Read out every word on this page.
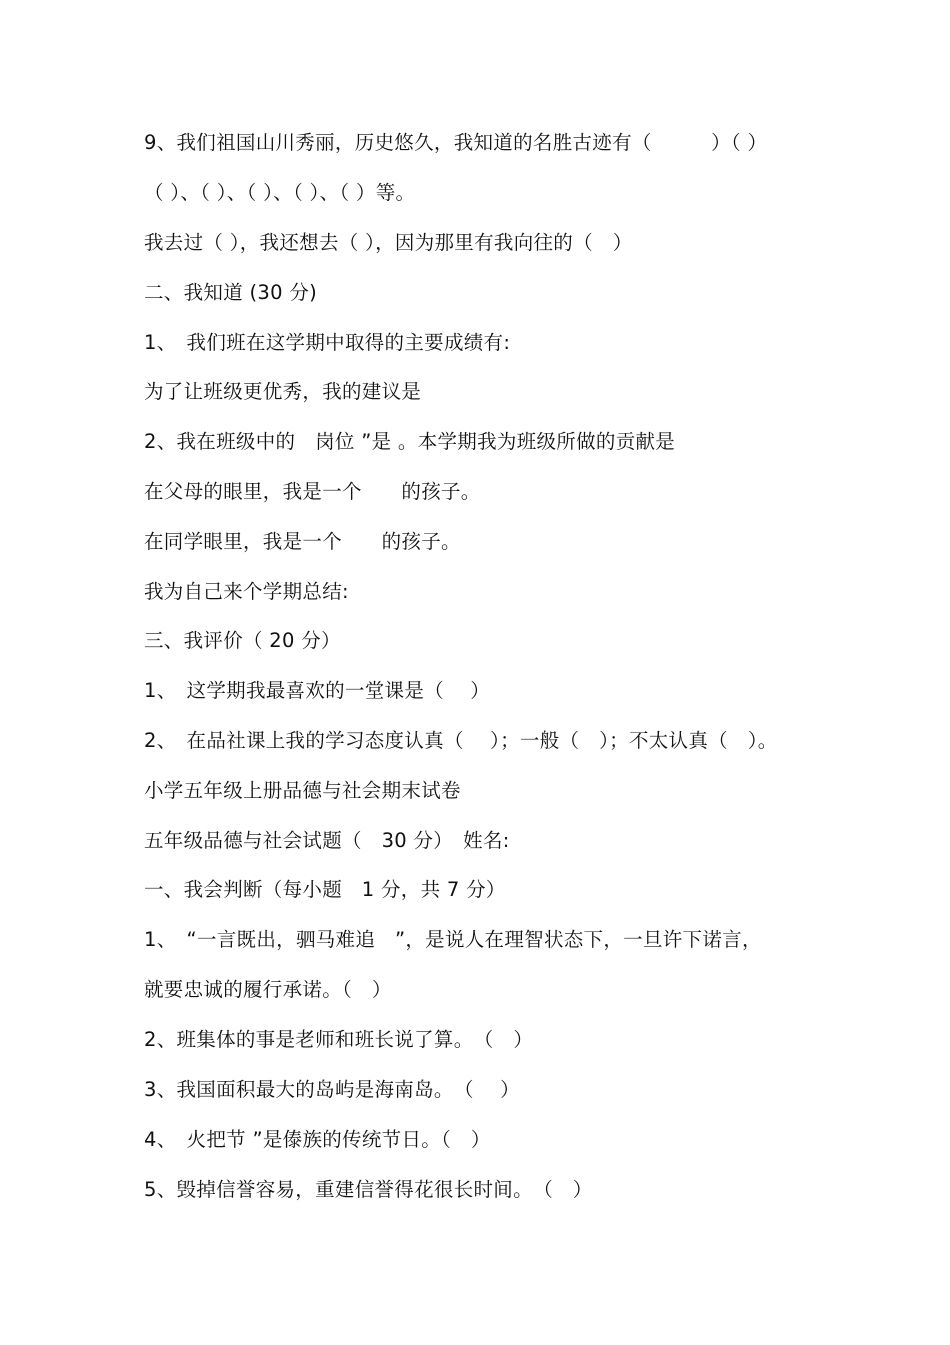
9、我们祖国山川秀丽，历史悠久，我知道的名胜古迹有（　　　）（ ）
（ ）、（ ）、（ ）、（ ）、（ ）等。
我去过（ ），我还想去（ ），因为那里有我向往的（　）
二、我知道 (30 分)
1、　我们班在这学期中取得的主要成绩有:
为了让班级更优秀，我的建议是
2、我在班级中的　岗位 ”是 。本学期我为班级所做的贡献是
在父母的眼里，我是一个　　的孩子。
在同学眼里，我是一个　　的孩子。
我为自己来个学期总结:
三、我评价（ 20 分）
1、　这学期我最喜欢的一堂课是（　 ）
2、　在品社课上我的学习态度认真（　 ）；一般（　）；不太认真（　）。
小学五年级上册品德与社会期末试卷
五年级品德与社会试题（　30 分）　姓名:
一、我会判断（每小题　1 分，共 7 分）
1、　“一言既出，驷马难追　”，是说人在理智状态下，一旦许下诺言，
就要忠诚的履行承诺。（　）
2、班集体的事是老师和班长说了算。　（　）
3、我国面积最大的岛屿是海南岛。　（　 ）
4、　火把节 ”是傣族的传统节日。（　）
5、毁掉信誉容易，重建信誉得花很长时间。　（　）
